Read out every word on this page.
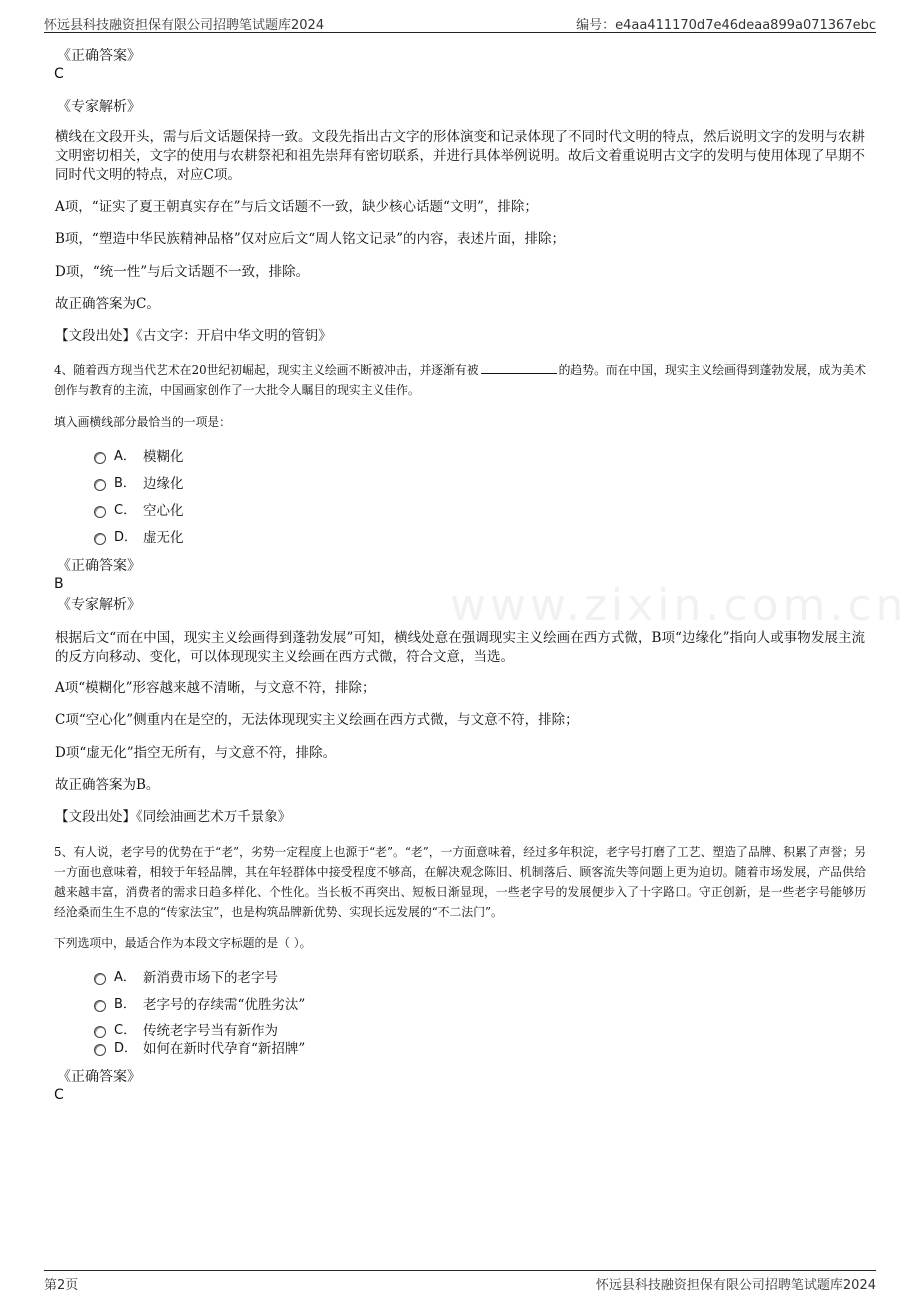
怀远县科技融资担保有限公司招聘笔试题库2024	编号：e4aa411170d7e46deaa899a071367ebc
www.zixin.com.cn

《正确答案》

C

《专家解析》

横线在文段开头，需与后文话题保持一致。文段先指出古文字的形体演变和记录体现了不同时代文明的特点，然后说明文字的发明与农耕文明密切相关，文字的使用与农耕祭祀和祖先崇拜有密切联系，并进行具体举例说明。故后文着重说明古文字的发明与使用体现了早期不同时代文明的特点，对应C项。

A项，“证实了夏王朝真实存在”与后文话题不一致，缺少核心话题“文明”，排除；

B项，“塑造中华民族精神品格”仅对应后文“周人铭文记录”的内容，表述片面，排除；

D项，“统一性”与后文话题不一致，排除。

故正确答案为C。

【文段出处】《古文字：开启中华文明的管钥》

4、随着西方现当代艺术在20世纪初崛起，现实主义绘画不断被冲击，并逐渐有被	的趋势。而在中国，现实主义绘画得到蓬勃发展，成为美术创作与教育的主流，中国画家创作了一大批令人瞩目的现实主义佳作。

填入画横线部分最恰当的一项是：

A． 模糊化
B． 边缘化
C． 空心化
D． 虚无化

《正确答案》

B

《专家解析》

根据后文“而在中国，现实主义绘画得到蓬勃发展”可知，横线处意在强调现实主义绘画在西方式微，B项“边缘化”指向人或事物发展主流的反方向移动、变化，可以体现现实主义绘画在西方式微，符合文意，当选。

A项“模糊化”形容越来越不清晰，与文意不符，排除；

C项“空心化”侧重内在是空的，无法体现现实主义绘画在西方式微，与文意不符，排除；

D项“虚无化”指空无所有，与文意不符，排除。

故正确答案为B。

【文段出处】《同绘油画艺术万千景象》

5、有人说，老字号的优势在于“老”，劣势一定程度上也源于“老”。“老”，一方面意味着，经过多年积淀，老字号打磨了工艺、塑造了品牌、积累了声誉；另一方面也意味着，相较于年轻品牌，其在年轻群体中接受程度不够高，在解决观念陈旧、机制落后、顾客流失等问题上更为迫切。随着市场发展，产品供给越来越丰富，消费者的需求日趋多样化、个性化。当长板不再突出、短板日渐显现，一些老字号的发展便步入了十字路口。守正创新，是一些老字号能够历经沧桑而生生不息的“传家法宝”，也是构筑品牌新优势、实现长远发展的“不二法门”。

下列选项中，最适合作为本段文字标题的是（ ）。

A． 新消费市场下的老字号
B． 老字号的存续需“优胜劣汰”
C． 传统老字号当有新作为
D． 如何在新时代孕育“新招牌”

《正确答案》

C

第2页	怀远县科技融资担保有限公司招聘笔试题库2024
